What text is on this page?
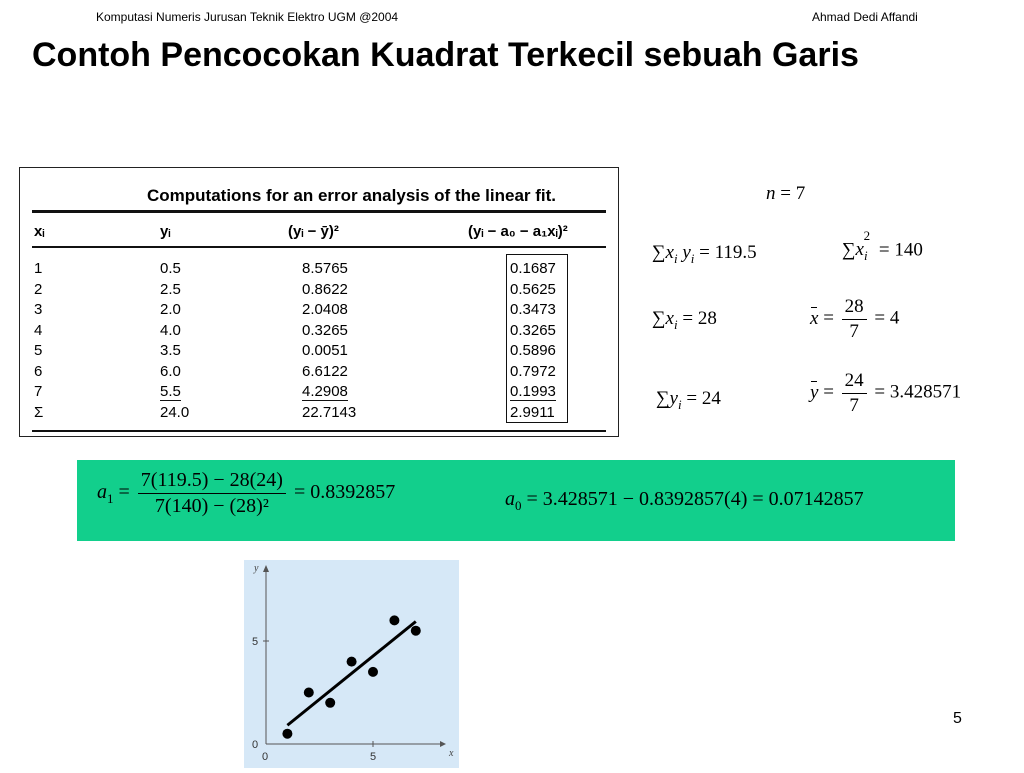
Komputasi Numeris Jurusan Teknik Elektro UGM @2004	Ahmad Dedi Affandi
Contoh Pencocokan Kuadrat Terkecil sebuah Garis
Computations for an error analysis of the linear fit.
xᵢ	yᵢ	(yᵢ − ȳ)²	(yᵢ − a₀ − a₁xᵢ)²
1	0.5	8.5765	0.1687
2	2.5	0.8622	0.5625
3	2.0	2.0408	0.3473
4	4.0	0.3265	0.3265
5	3.5	0.0051	0.5896
6	6.0	6.6122	0.7972
7	5.5	4.2908	0.1993
Σ	24.0	22.7143	2.9911
n = 7
$\sum x_i$ $y_i = 119.5$	$\sum x_i^2 = 140$
$\sum x_i = 28$	$x = \frac{28}{7} = 4$
$\sum y_i = 24$	$y = \frac{24}{7} = 3.428571$
$a_1 = \frac{7(119.5) - 28(24)}{\text{7(140) − (28)²}} = 0.8392857$	$a_0 = 3.428571 - 0.8392857(4) = 0.07142857$
x
y
0	5
0
5
5
